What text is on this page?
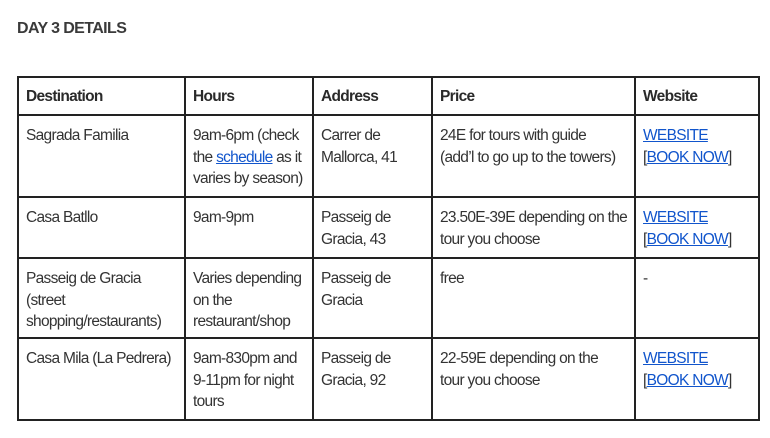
DAY 3 DETAILS
Destination	Hours	Address	Price	Website

Sagrada Familia	9am-6pm (check
the schedule as it
varies by season)	Carrer de
Mallorca, 41	24E for tours with guide
(add’l to go up to the towers)	WEBSITE
[BOOK NOW]

Casa Batllo	9am-9pm	Passeig de
Gracia, 43	23.50E-39E depending on the
tour you choose	WEBSITE
[BOOK NOW]

Passeig de Gracia
(street
shopping/restaurants)	Varies depending
on the
restaurant/shop	Passeig de
Gracia	free	-

Casa Mila (La Pedrera)	9am-830pm and
9-11pm for night
tours	Passeig de
Gracia, 92	22-59E depending on the
tour you choose	WEBSITE
[BOOK NOW]
